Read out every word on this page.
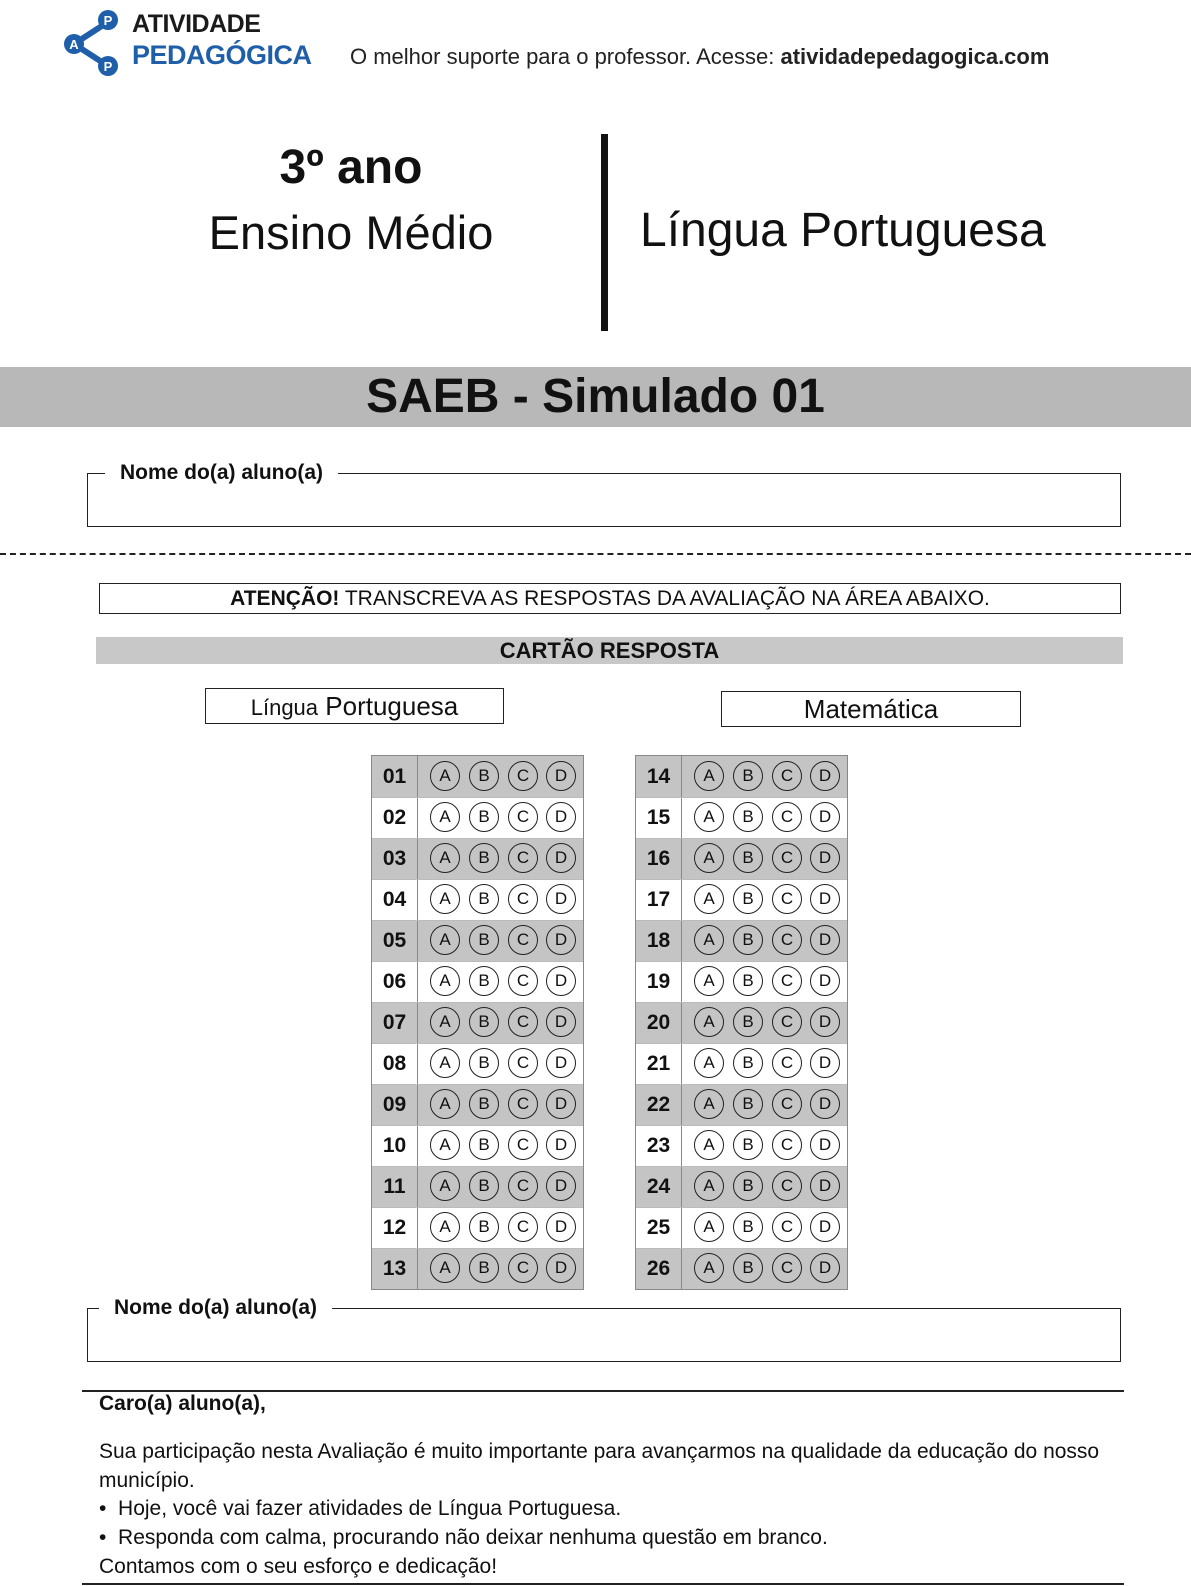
P
A
P
ATIVIDADE
PEDAGÓGICA O melhor suporte para o professor. Acesse: atividadepedagogica.com
3º ano
Ensino Médio	Língua Portuguesa
SAEB - Simulado 01
Nome do(a) aluno(a)
ATENÇÃO! TRANSCREVA AS RESPOSTAS DA AVALIAÇÃO NA ÁREA ABAIXO.
CARTÃO RESPOSTA
Língua Portuguesa	Matemática
01	A	B	C	D
02	A	B	C	D
03	A	B	C	D
04	A	B	C	D
05	A	B	C	D
06	A	B	C	D
07	A	B	C	D
08	A	B	C	D
09	A	B	C	D
10	A	B	C	D
11	A	B	C	D
12	A	B	C	D
13	A	B	C	D
14	A	B	C	D
15	A	B	C	D
16	A	B	C	D
17	A	B	C	D
18	A	B	C	D
19	A	B	C	D
20	A	B	C	D
21	A	B	C	D
22	A	B	C	D
23	A	B	C	D
24	A	B	C	D
25	A	B	C	D
26	A	B	C	D
Nome do(a) aluno(a)
Caro(a) aluno(a),
Sua participação nesta Avaliação é muito importante para avançarmos na qualidade da educação do nosso município.
•  Hoje, você vai fazer atividades de Língua Portuguesa.
•  Responda com calma, procurando não deixar nenhuma questão em branco.
Contamos com o seu esforço e dedicação!
